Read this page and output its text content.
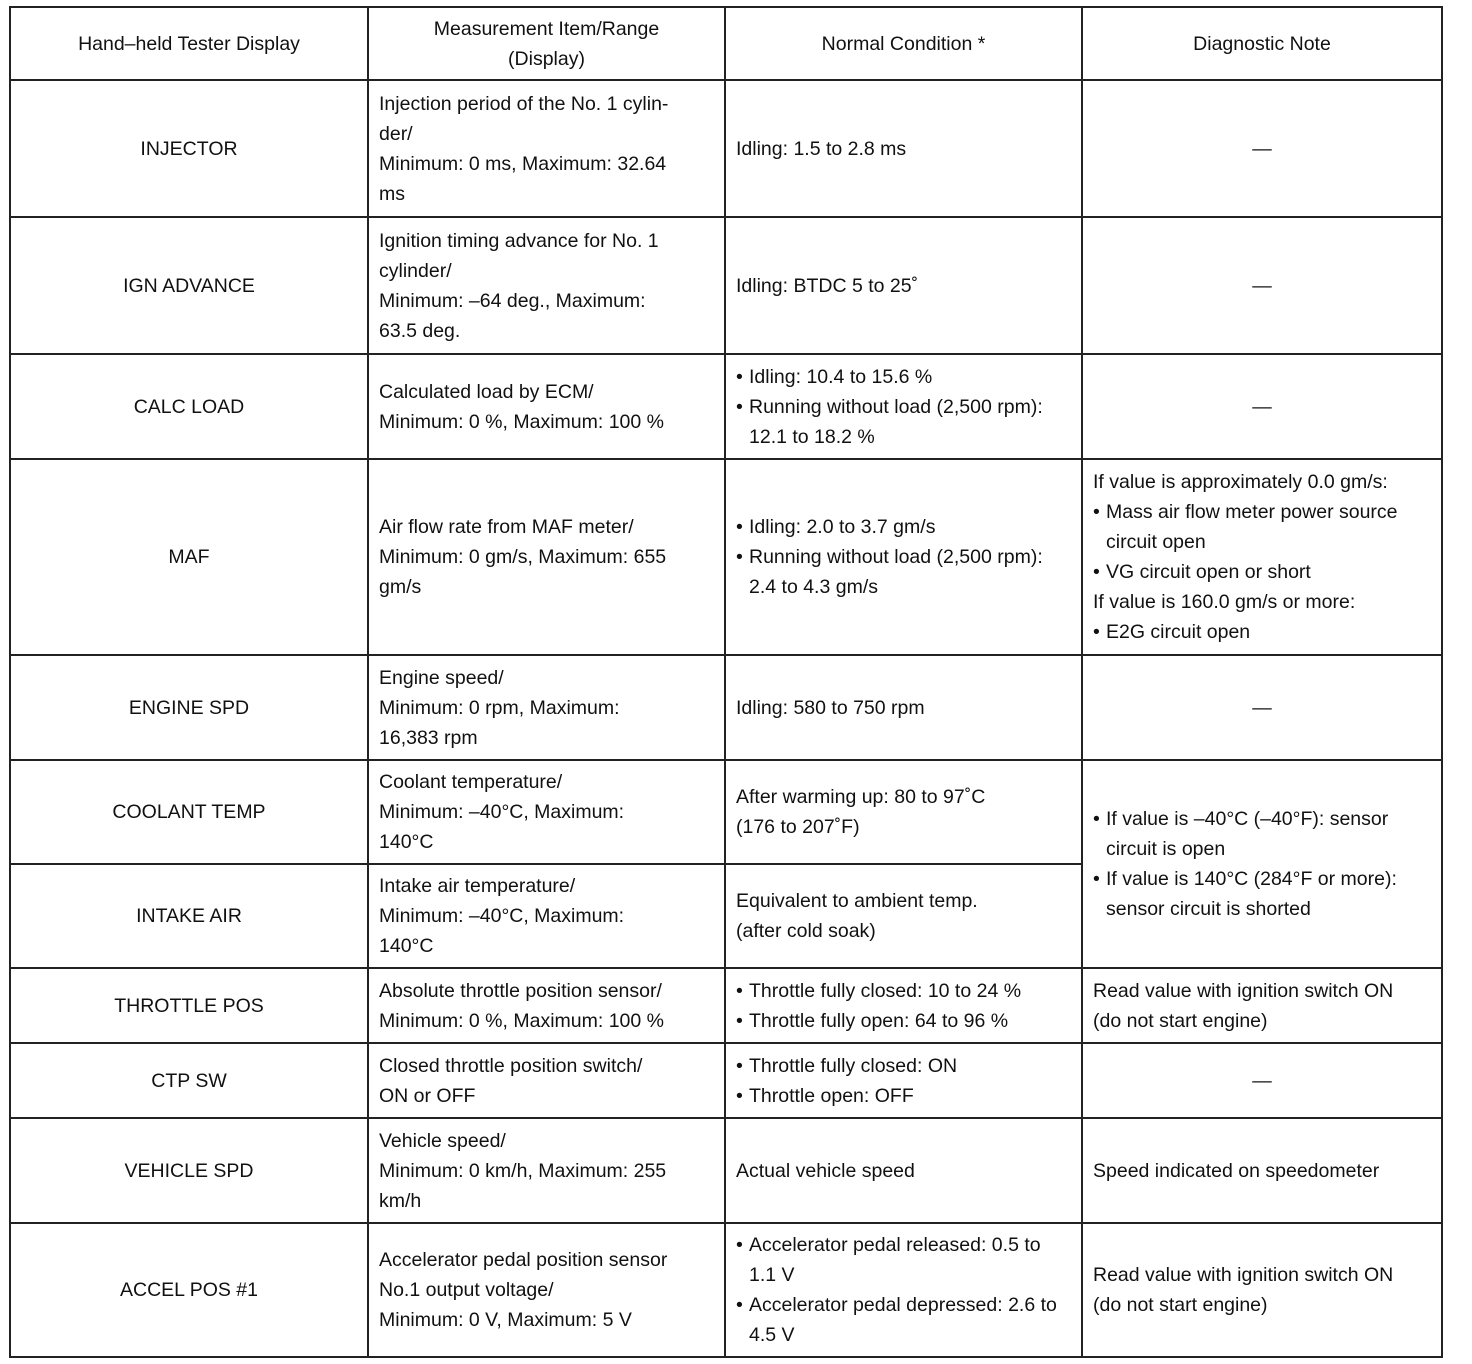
Hand–held Tester Display	Measurement Item/Range
(Display)	Normal Condition *	Diagnostic Note
INJECTOR	Injection period of the No. 1 cylin-
der/
Minimum: 0 ms, Maximum: 32.64
ms	Idling: 1.5 to 2.8 ms	—
IGN ADVANCE	Ignition timing advance for No. 1
cylinder/
Minimum: –64 deg., Maximum:
63.5 deg.	Idling: BTDC 5 to 25˚	—
CALC LOAD	Calculated load by ECM/
Minimum: 0 %, Maximum: 100 %	• Idling: 10.4 to 15.6 %
• Running without load (2,500 rpm): 12.1 to 18.2 %	—
MAF	Air flow rate from MAF meter/
Minimum: 0 gm/s, Maximum: 655
gm/s	• Idling: 2.0 to 3.7 gm/s
• Running without load (2,500 rpm): 2.4 to 4.3 gm/s	If value is approximately 0.0 gm/s:
• Mass air flow meter power source circuit open
• VG circuit open or short
If value is 160.0 gm/s or more:
• E2G circuit open

ENGINE SPD	Engine speed/
Minimum: 0 rpm, Maximum:
16,383 rpm	Idling: 580 to 750 rpm	—
COOLANT TEMP	Coolant temperature/
Minimum: –40°C, Maximum:
140°C	After warming up: 80 to 97˚C
(176 to 207˚F)	• If value is –40°C (–40°F): sensor circuit is open
• If value is 140°C (284°F or more): sensor circuit is shorted

INTAKE AIR	Intake air temperature/
Minimum: –40°C, Maximum:
140°C	Equivalent to ambient temp.
(after cold soak)	

THROTTLE POS	Absolute throttle position sensor/
Minimum: 0 %, Maximum: 100 %	• Throttle fully closed: 10 to 24 %
• Throttle fully open: 64 to 96 %	Read value with ignition switch ON
(do not start engine)

CTP SW	Closed throttle position switch/
ON or OFF	• Throttle fully closed: ON
• Throttle open: OFF	—
VEHICLE SPD	Vehicle speed/
Minimum: 0 km/h, Maximum: 255
km/h	Actual vehicle speed	Speed indicated on speedometer
ACCEL POS #1	Accelerator pedal position sensor
No.1 output voltage/
Minimum: 0 V, Maximum: 5 V	• Accelerator pedal released: 0.5 to 1.1 V
• Accelerator pedal depressed: 2.6 to 4.5 V	Read value with ignition switch ON
(do not start engine)
